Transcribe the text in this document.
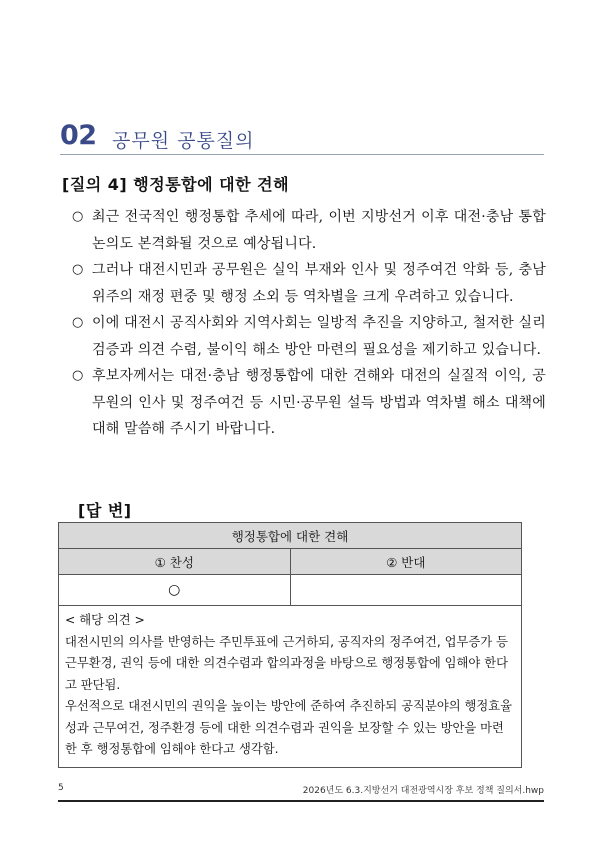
02 공무원 공통질의
[질의 4] 행정통합에 대한 견해
○ 최근 전국적인 행정통합 추세에 따라, 이번 지방선거 이후 대전·충남 통합 논의도 본격화될 것으로 예상됩니다.
○ 그러나 대전시민과 공무원은 실익 부재와 인사 및 정주여건 악화 등, 충남 위주의 재정 편중 및 행정 소외 등 역차별을 크게 우려하고 있습니다.
○ 이에 대전시 공직사회와 지역사회는 일방적 추진을 지양하고, 철저한 실리 검증과 의견 수렴, 불이익 해소 방안 마련의 필요성을 제기하고 있습니다.
○ 후보자께서는 대전·충남 행정통합에 대한 견해와 대전의 실질적 이익, 공무원의 인사 및 정주여건 등 시민·공무원 설득 방법과 역차별 해소 대책에 대해 말씀해 주시기 바랍니다.
[답 변]
행정통합에 대한 견해	
① 찬성	② 반대
○	

< 해당 의견 >

대전시민의 의사를 반영하는 주민투표에 근거하되, 공직자의 정주여건, 업무증가 등 근무환경, 권익 등에 대한 의견수렴과 합의과정을 바탕으로 행정통합에 임해야 한다고 판단됨.

우선적으로 대전시민의 권익을 높이는 방안에 준하여 추진하되 공직분야의 행정효율성과 근무여건, 정주환경 등에 대한 의견수렴과 권익을 보장할 수 있는 방안을 마련한 후 행정통합에 임해야 한다고 생각함.	

5	2026년도 6.3.지방선거 대전광역시장 후보 정책 질의서.hwp
